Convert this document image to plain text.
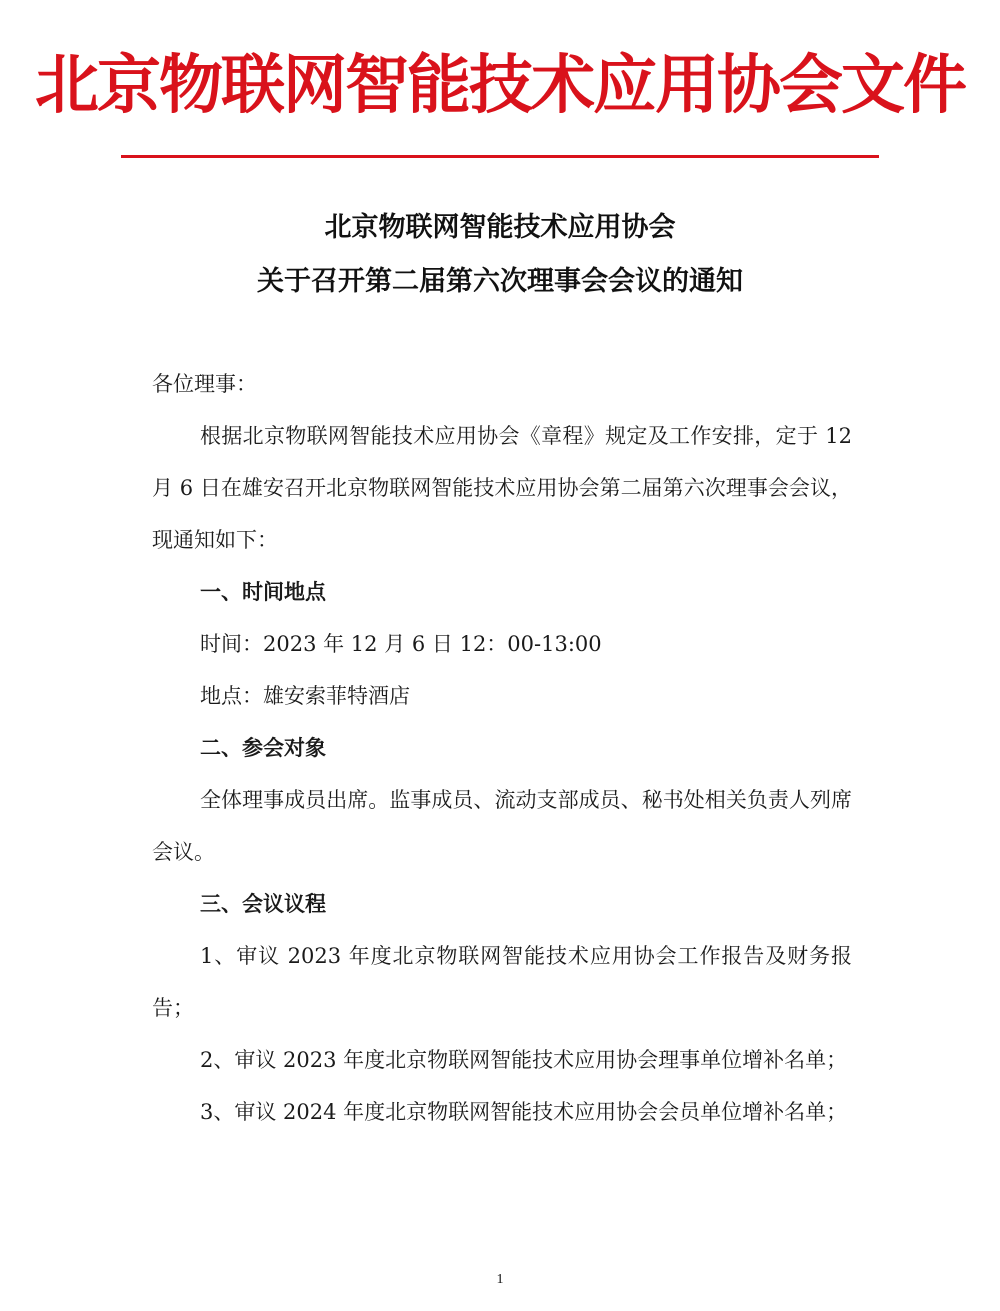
北京物联网智能技术应用协会文件
北京物联网智能技术应用协会
关于召开第二届第六次理事会会议的通知

各位理事：

根据北京物联网智能技术应用协会《章程》规定及工作安排，定于 12 月 6 日在雄安召开北京物联网智能技术应用协会第二届第六次理事会会议，现通知如下：

一、时间地点

时间：2023 年 12 月 6 日 12：00-13:00

地点：雄安索菲特酒店

二、参会对象

全体理事成员出席。监事成员、流动支部成员、秘书处相关负责人列席会议。

三、会议议程

1、审议 2023 年度北京物联网智能技术应用协会工作报告及财务报告；

2、审议 2023 年度北京物联网智能技术应用协会理事单位增补名单；

3、审议 2024 年度北京物联网智能技术应用协会会员单位增补名单；

1
